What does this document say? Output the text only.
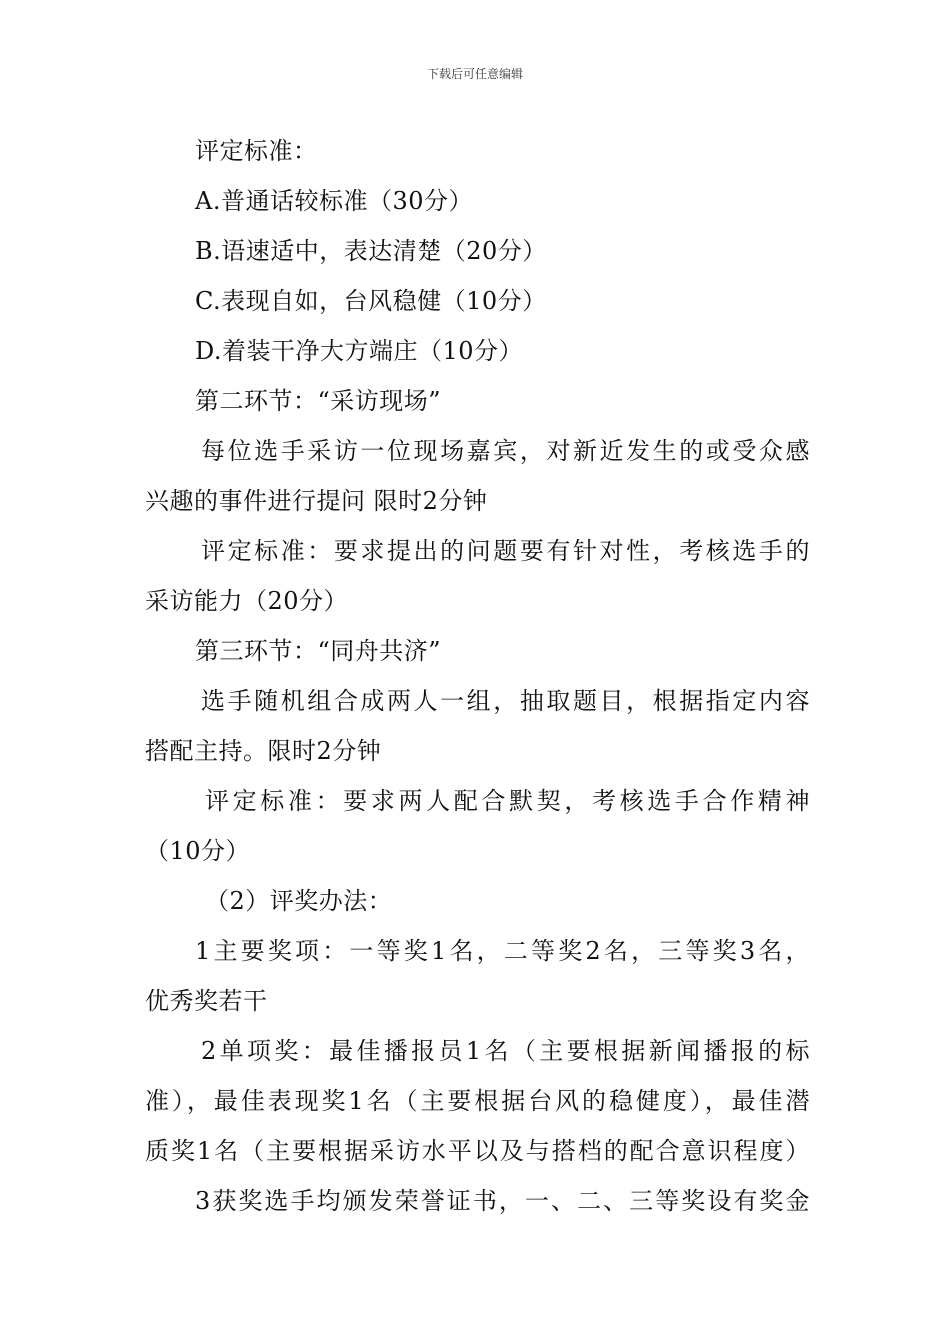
下载后可任意编辑
评定标准：
A.普通话较标准（30分）
B.语速适中，表达清楚（20分）
C.表现自如，台风稳健（10分）
D.着装干净大方端庄（10分）
第二环节：“采访现场”
每位选手采访一位现场嘉宾，对新近发生的或受众感
兴趣的事件进行提问 限时2分钟
评定标准：要求提出的问题要有针对性，考核选手的
采访能力（20分）
第三环节：“同舟共济”
选手随机组合成两人一组，抽取题目，根据指定内容
搭配主持。限时2分钟
评定标准：要求两人配合默契，考核选手合作精神
（10分）
（2）评奖办法：
1主要奖项：一等奖1名，二等奖2名，三等奖3名，
优秀奖若干
2单项奖：最佳播报员1名（主要根据新闻播报的标
准），最佳表现奖1名（主要根据台风的稳健度），最佳潜
质奖1名（主要根据采访水平以及与搭档的配合意识程度）
3获奖选手均颁发荣誉证书，一、二、三等奖设有奖金
